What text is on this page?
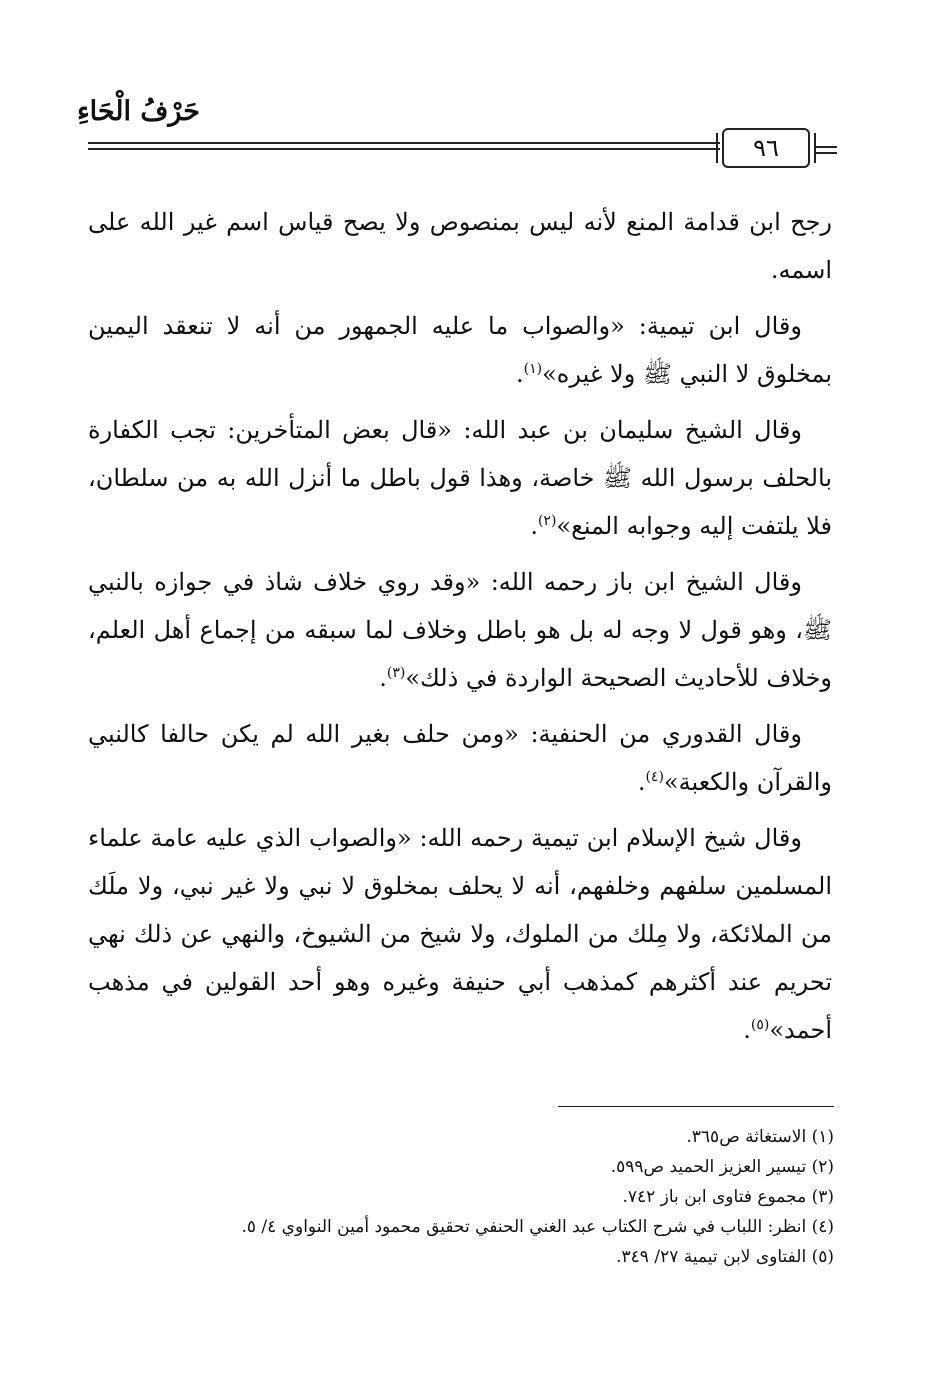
حَرْفُ الْحَاءِ
٩٦

رجح ابن قدامة المنع لأنه ليس بمنصوص ولا يصح قياس اسم غير الله على اسمه.

وقال ابن تيمية: «والصواب ما عليه الجمهور من أنه لا تنعقد اليمين بمخلوق لا النبي ﷺ ولا غيره»$^{(١)}$.

وقال الشيخ سليمان بن عبد الله: «قال بعض المتأخرين: تجب الكفارة بالحلف برسول الله ﷺ خاصة، وهذا قول باطل ما أنزل الله به من سلطان، فلا يلتفت إليه وجوابه المنع»$^{(٢)}$.

وقال الشيخ ابن باز رحمه الله: «وقد روي خلاف شاذ في جوازه بالنبي ﷺ، وهو قول لا وجه له بل هو باطل وخلاف لما سبقه من إجماع أهل العلم، وخلاف للأحاديث الصحيحة الواردة في ذلك»$^{(٣)}$.

وقال القدوري من الحنفية: «ومن حلف بغير الله لم يكن حالفا كالنبي والقرآن والكعبة»$^{(٤)}$.

وقال شيخ الإسلام ابن تيمية رحمه الله: «والصواب الذي عليه عامة علماء المسلمين سلفهم وخلفهم، أنه لا يحلف بمخلوق لا نبي ولا غير نبي، ولا ملَك من الملائكة، ولا مِلك من الملوك، ولا شيخ من الشيوخ، والنهي عن ذلك نهي تحريم عند أكثرهم كمذهب أبي حنيفة وغيره وهو أحد القولين في مذهب أحمد»$^{(٥)}$.

(١) الاستغاثة ص٣٦٥.
(٢) تيسير العزيز الحميد ص٥٩٩.
(٣) مجموع فتاوى ابن باز ٧٤٢.
(٤) انظر: اللباب في شرح الكتاب عبد الغني الحنفي تحقيق محمود أمين النواوي ٤/ ٥.
(٥) الفتاوى لابن تيمية ٢٧/ ٣٤٩.
